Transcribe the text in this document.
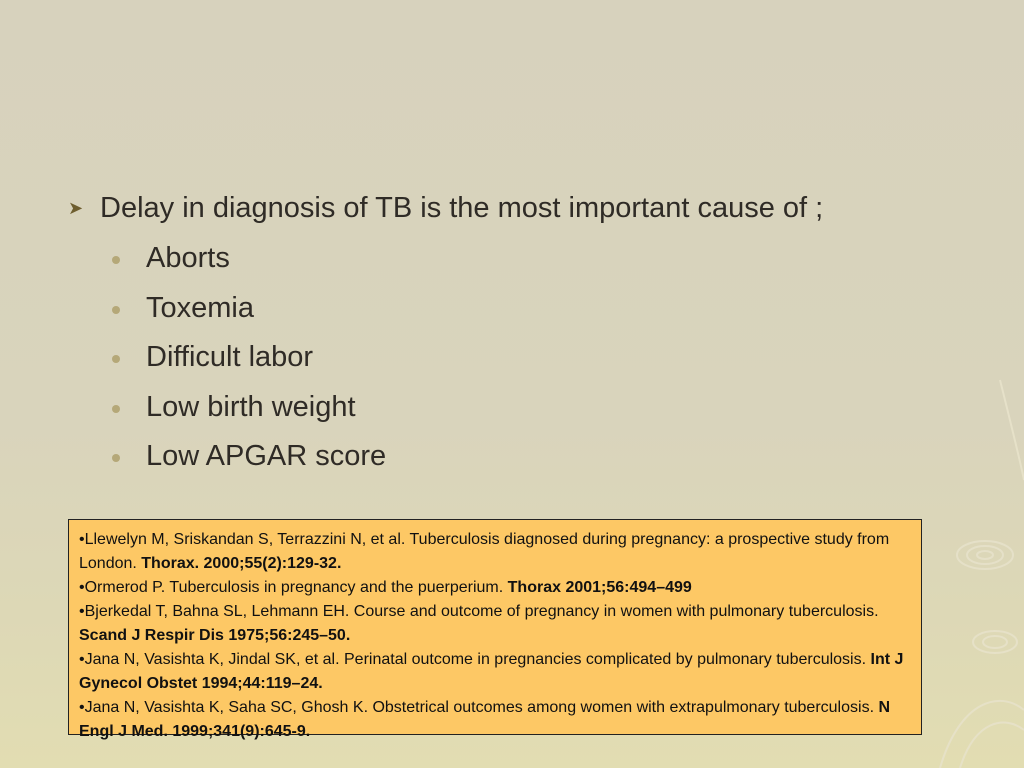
➤ Delay in diagnosis of TB is the most important cause of ;
Aborts
Toxemia
Difficult labor
Low birth weight
Low APGAR score

•Llewelyn M, Sriskandan S, Terrazzini N, et al. Tuberculosis diagnosed during pregnancy: a prospective study from London. Thorax. 2000;55(2):129-32.

•Ormerod P. Tuberculosis in pregnancy and the puerperium. Thorax 2001;56:494–499

•Bjerkedal T, Bahna SL, Lehmann EH. Course and outcome of pregnancy in women with pulmonary tuberculosis. Scand J Respir Dis 1975;56:245–50.

•Jana N, Vasishta K, Jindal SK, et al. Perinatal outcome in pregnancies complicated by pulmonary tuberculosis. Int J Gynecol Obstet 1994;44:119–24.

•Jana N, Vasishta K, Saha SC, Ghosh K. Obstetrical outcomes among women with extrapulmonary tuberculosis. N Engl J Med. 1999;341(9):645-9.
